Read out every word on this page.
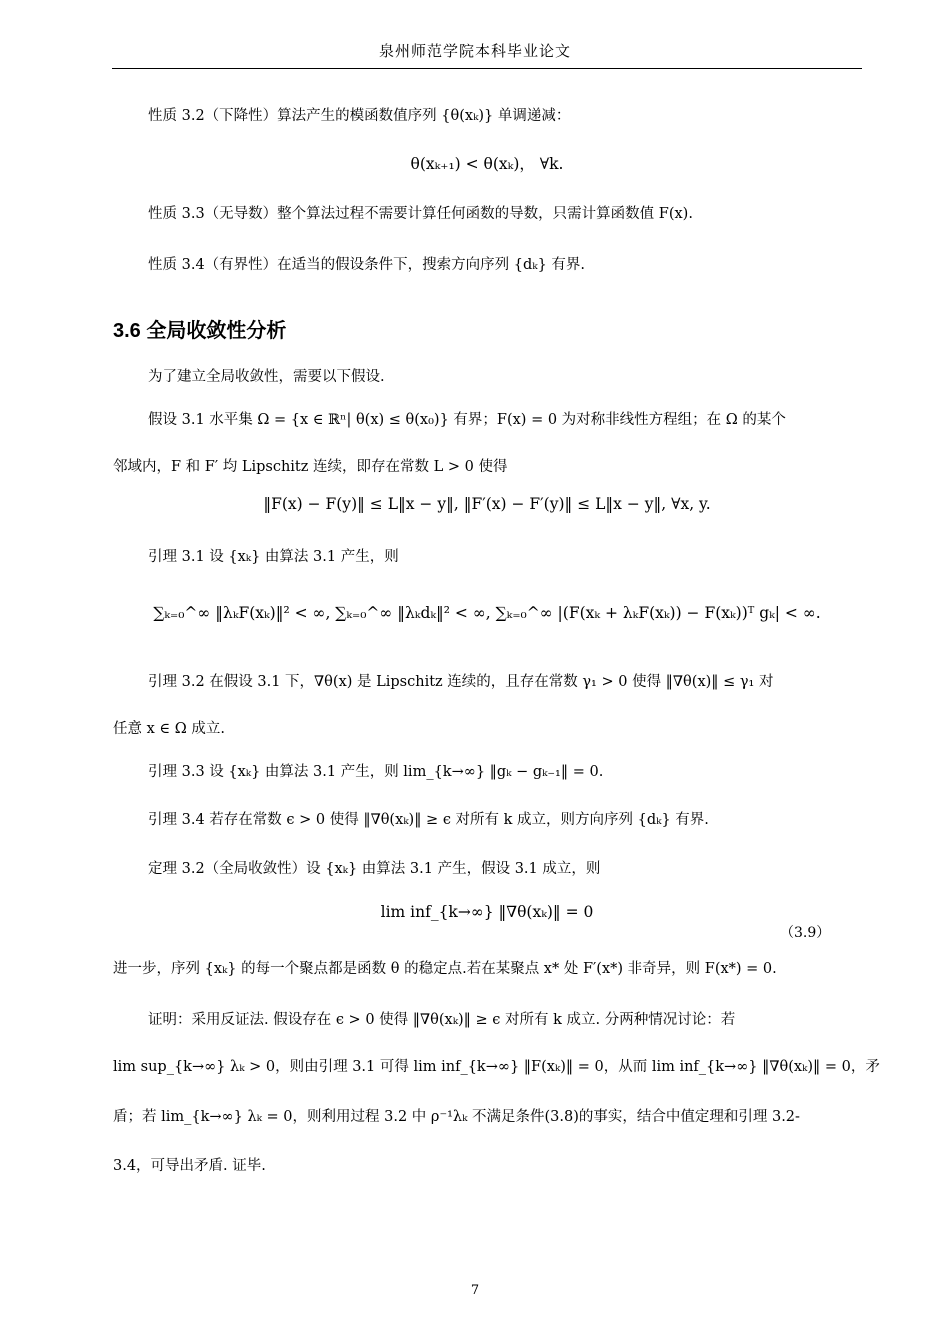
泉州师范学院本科毕业论文
性质 3.2（下降性）算法产生的模函数值序列 {θ(xₖ)} 单调递减：
θ(xₖ₊₁) < θ(xₖ)， ∀k.
性质 3.3（无导数）整个算法过程不需要计算任何函数的导数，只需计算函数值 F(x).
性质 3.4（有界性）在适当的假设条件下，搜索方向序列 {dₖ} 有界.
3.6 全局收敛性分析
为了建立全局收敛性，需要以下假设.
假设 3.1 水平集 Ω = {x ∈ ℝⁿ| θ(x) ≤ θ(x₀)} 有界；F(x) = 0 为对称非线性方程组；在 Ω 的某个
邻域内，F 和 F′ 均 Lipschitz 连续，即存在常数 L > 0 使得
‖F(x) − F(y)‖ ≤ L‖x − y‖, ‖F′(x) − F′(y)‖ ≤ L‖x − y‖, ∀x, y.
引理 3.1 设 {xₖ} 由算法 3.1 产生，则
∑ₖ₌₀^∞ ‖λₖF(xₖ)‖² < ∞, ∑ₖ₌₀^∞ ‖λₖdₖ‖² < ∞, ∑ₖ₌₀^∞ |(F(xₖ + λₖF(xₖ)) − F(xₖ))ᵀ gₖ| < ∞.
引理 3.2 在假设 3.1 下，∇θ(x) 是 Lipschitz 连续的，且存在常数 γ₁ > 0 使得 ‖∇θ(x)‖ ≤ γ₁ 对
任意 x ∈ Ω 成立.
引理 3.3 设 {xₖ} 由算法 3.1 产生，则 lim_{k→∞} ‖gₖ − gₖ₋₁‖ = 0.
引理 3.4 若存在常数 ϵ > 0 使得 ‖∇θ(xₖ)‖ ≥ ϵ 对所有 k 成立，则方向序列 {dₖ} 有界.
定理 3.2（全局收敛性）设 {xₖ} 由算法 3.1 产生，假设 3.1 成立，则
lim inf_{k→∞} ‖∇θ(xₖ)‖ = 0
（3.9）
进一步，序列 {xₖ} 的每一个聚点都是函数 θ 的稳定点.若在某聚点 x* 处 F′(x*) 非奇异，则 F(x*) = 0.
证明：采用反证法. 假设存在 ϵ > 0 使得 ‖∇θ(xₖ)‖ ≥ ϵ 对所有 k 成立. 分两种情况讨论：若
lim sup_{k→∞} λₖ > 0，则由引理 3.1 可得 lim inf_{k→∞} ‖F(xₖ)‖ = 0，从而 lim inf_{k→∞} ‖∇θ(xₖ)‖ = 0，矛
盾；若 lim_{k→∞} λₖ = 0，则利用过程 3.2 中 ρ⁻¹λₖ 不满足条件(3.8)的事实，结合中值定理和引理 3.2-
3.4，可导出矛盾. 证毕.
7
